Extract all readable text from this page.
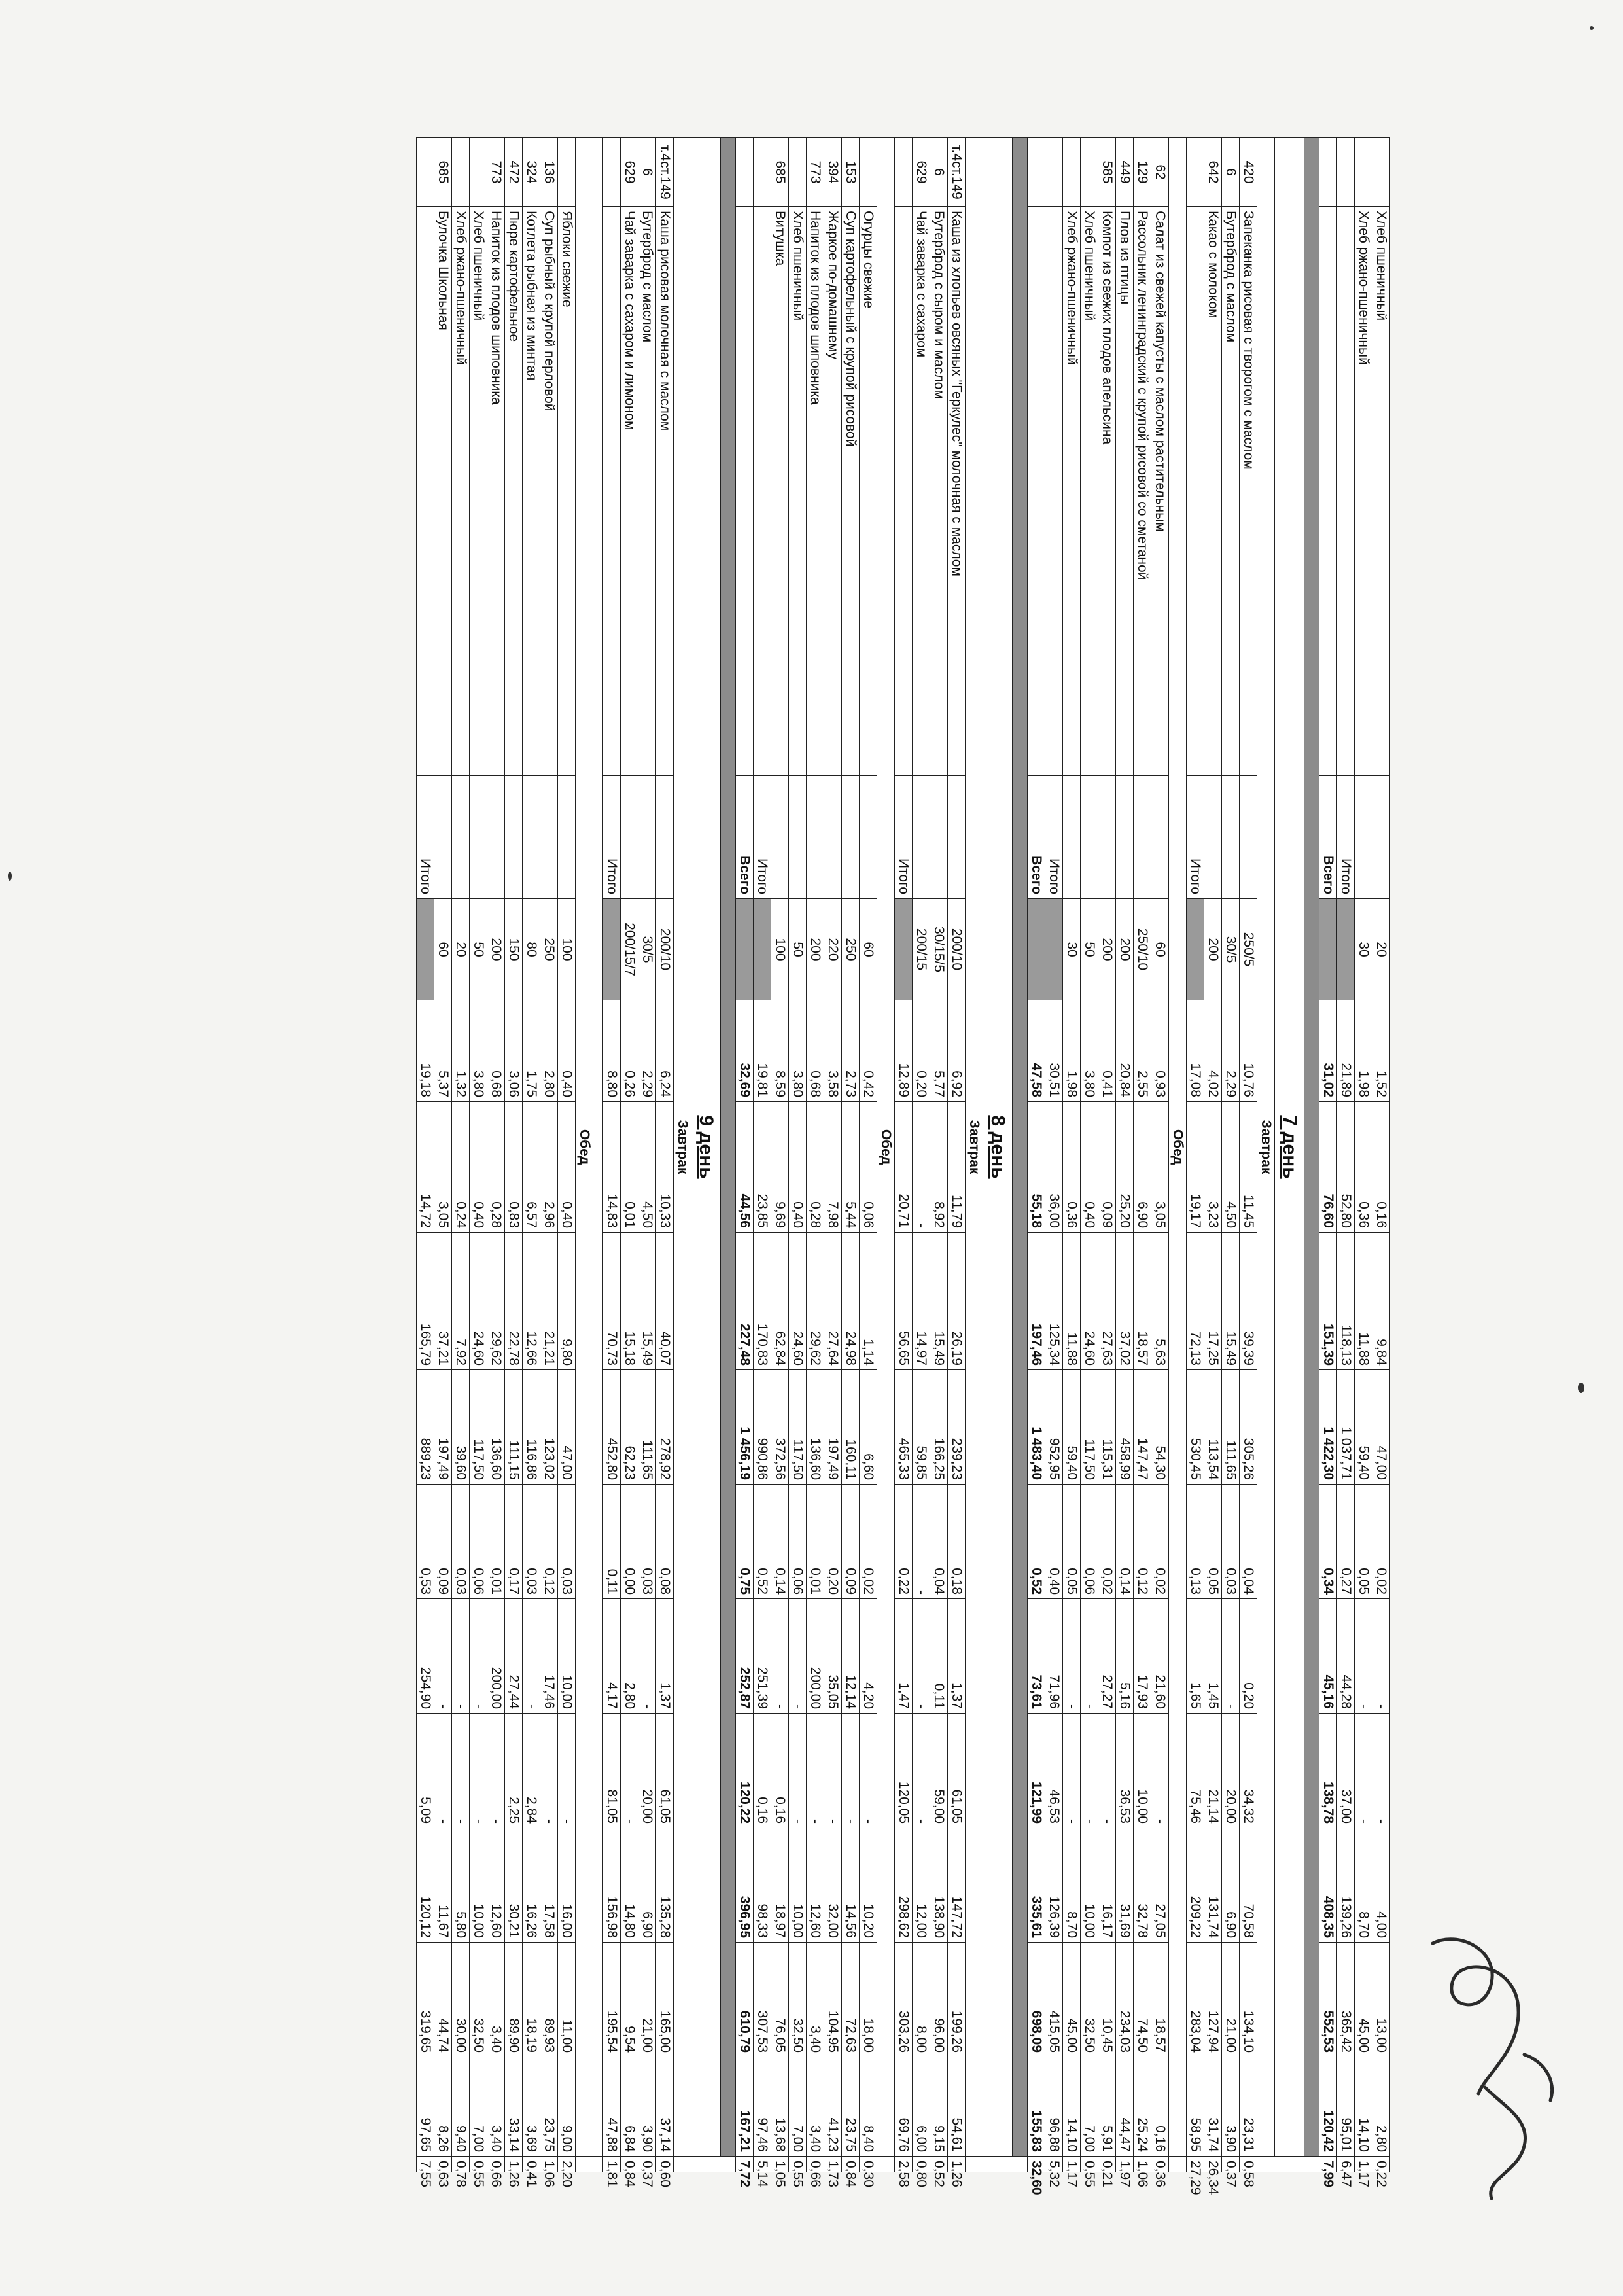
	Хлеб пшеничный			20	1,52	0,16	9,84	47,00	0,02	-	-	4,00	13,00	2,80	0,22
	Хлеб ржано-пшеничный			30	1,98	0,36	11,88	59,40	0,05	-	-	8,70	45,00	14,10	1,17
			Итого		21,89	52,80	118,13	1 037,71	0,27	44,28	37,00	139,26	365,42	95,01	6,47
			Всего		31,02	76,60	151,39	1 422,30	0,34	45,16	138,78	408,35	552,53	120,42	7,99

7 день															
Завтрак															
420	Запеканка рисовая с творогом с маслом			250/5	10,76	11,45	39,39	305,26	0,04	0,20	34,32	70,58	134,10	23,31	0,58
6	Бутерброд с маслом			30/5	2,29	4,50	15,49	111,65	0,03	-	20,00	6,90	21,00	3,90	0,37
642	Какао с молоком			200	4,02	3,23	17,25	113,54	0,05	1,45	21,14	131,74	127,94	31,74	26,34
			Итого		17,08	19,17	72,13	530,45	0,13	1,65	75,46	209,22	283,04	58,95	27,29
Обед															
62	Салат из свежей капусты с маслом растительным			60	0,93	3,05	5,63	54,30	0,02	21,60	-	27,05	18,57	0,16	0,36
129	Рассольник ленинградский с крупой рисовой со сметаной			250/10	2,55	6,90	18,57	147,47	0,12	17,93	10,00	32,78	74,50	25,24	1,06
449	Плов из птицы			200	20,84	25,20	37,02	458,99	0,14	5,16	36,53	31,69	234,03	44,47	1,97
585	Компот из свежих плодов апельсина			200	0,41	0,09	27,63	115,31	0,02	27,27	-	16,17	10,45	5,91	0,21
	Хлеб пшеничный			50	3,80	0,40	24,60	117,50	0,06	-	-	10,00	32,50	7,00	0,55
	Хлеб ржано-пшеничный			30	1,98	0,36	11,88	59,40	0,05	-	-	8,70	45,00	14,10	1,17
			Итого		30,51	36,00	125,34	952,95	0,40	71,96	46,53	126,39	415,05	96,88	5,32
			Всего		47,58	55,18	197,46	1 483,40	0,52	73,61	121,99	335,61	698,09	155,83	32,60

8 день															
Завтрак															
т.4ст.149	Каша из хлопьев овсяных "Геркулес" молочная с маслом			200/10	6,92	11,79	26,19	239,23	0,18	1,37	61,05	147,72	199,26	54,61	1,26
6	Бутерброд с сыром и маслом			30/15/5	5,77	8,92	15,49	166,25	0,04	0,11	59,00	138,90	96,00	9,15	0,52
629	Чай заварка с сахаром			200/15	0,20	-	14,97	59,85	-	-	-	12,00	8,00	6,00	0,80
			Итого		12,89	20,71	56,65	465,33	0,22	1,47	120,05	298,62	303,26	69,76	2,58
Обед															
	Огурцы свежие			60	0,42	0,06	1,14	6,60	0,02	4,20	-	10,20	18,00	8,40	0,30
153	Суп картофельный с крупой рисовой			250	2,73	5,44	24,98	160,11	0,09	12,14	-	14,56	72,63	23,75	0,84
394	Жаркое по-домашнему			220	3,58	7,98	27,64	197,49	0,20	35,05	-	32,00	104,95	41,23	1,73
773	Напиток из плодов шиповника			200	0,68	0,28	29,62	136,60	0,01	200,00	-	12,60	3,40	3,40	0,66
	Хлеб пшеничный			50	3,80	0,40	24,60	117,50	0,06	-	-	10,00	32,50	7,00	0,55
685	Витушка			100	8,59	9,69	62,84	372,56	0,14	-	0,16	18,97	76,05	13,68	1,05
			Итого		19,81	23,85	170,83	990,86	0,52	251,39	0,16	98,33	307,53	97,46	5,14
			Всего		32,69	44,56	227,48	1 456,19	0,75	252,87	120,22	396,95	610,79	167,21	7,72

9 день															
Завтрак															
т.4ст.149	Каша рисовая молочная с маслом			200/10	6,24	10,33	40,07	278,92	0,08	1,37	61,05	135,28	165,00	37,14	0,60
6	Бутерброд с маслом			30/5	2,29	4,50	15,49	111,65	0,03	-	20,00	6,90	21,00	3,90	0,37
629	Чай заварка с сахаром и лимоном			200/15/7	0,26	0,01	15,18	62,23	0,00	2,80	-	14,80	9,54	6,84	0,84
			Итого		8,80	14,83	70,73	452,80	0,11	4,17	81,05	156,98	195,54	47,88	1,81

Обед															
	Яблоки свежие			100	0,40	0,40	9,80	47,00	0,03	10,00	-	16,00	11,00	9,00	2,20
136	Суп рыбный с крупой перловой			250	2,80	2,96	21,21	123,02	0,12	17,46	-	17,58	89,93	23,75	1,06
324	Котлета рыбная из минтая			80	1,75	6,57	12,66	116,86	0,03	-	2,84	16,26	18,19	3,69	0,41
472	Пюре картофельное			150	3,06	0,83	22,78	111,15	0,17	27,44	2,25	30,21	89,90	33,14	1,26
773	Напиток из плодов шиповника			200	0,68	0,28	29,62	136,60	0,01	200,00	-	12,60	3,40	3,40	0,66
	Хлеб пшеничный			50	3,80	0,40	24,60	117,50	0,06	-	-	10,00	32,50	7,00	0,55
	Хлеб ржано-пшеничный			20	1,32	0,24	7,92	39,60	0,03	-	-	5,80	30,00	9,40	0,78
685	Булочка Школьная			60	5,37	3,05	37,21	197,49	0,09	-	-	11,67	44,74	8,26	0,63
			Итого		19,18	14,72	165,79	889,23	0,53	254,90	5,09	120,12	319,65	97,65	7,55
